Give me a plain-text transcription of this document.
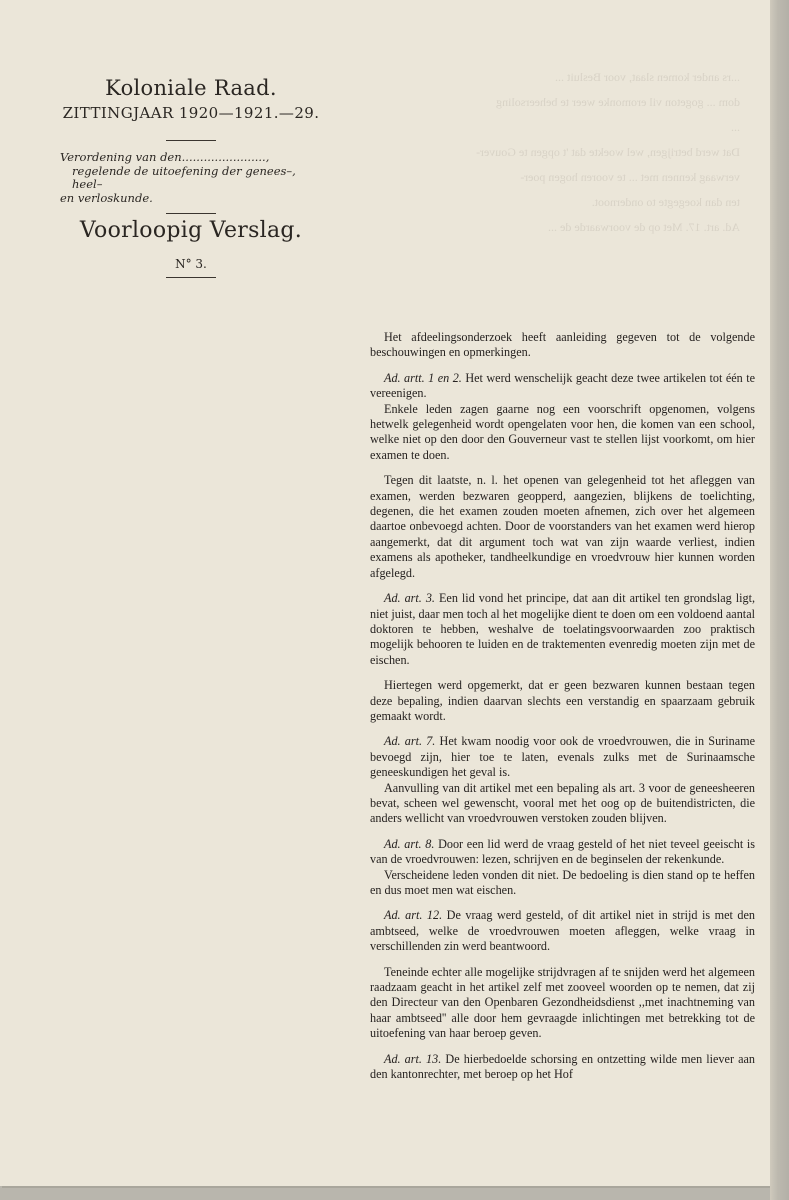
...rs ander komen slaat, voor Besluit ...
dom ... gogeton vil eromonke weer te beheersoling
...
Dat werd betrijgen, wel woekte dat 't opgen te Gouver-
verwaag kennen met ... te vooren hogen poer-
ten dan koegegte to ondernoot.
Ad. art. 17. Met op de voorwaarde de ...
Koloniale Raad.
ZITTINGJAAR 1920—1921.—29.
Verordening van den.......................,
regelende de uitoefening der genees–, heel–
en verloskunde.
Voorloopig Verslag.
N° 3.

Het afdeelingsonderzoek heeft aanleiding gegeven tot de volgende beschouwingen en opmerkingen.

Ad. artt. 1 en 2. Het werd wenschelijk geacht deze twee artikelen tot één te vereenigen.

Enkele leden zagen gaarne nog een voorschrift opgenomen, volgens hetwelk gelegenheid wordt opengelaten voor hen, die komen van een school, welke niet op den door den Gouverneur vast te stellen lijst voorkomt, om hier examen te doen.

Tegen dit laatste, n. l. het openen van gelegenheid tot het afleggen van examen, werden bezwaren geopperd, aangezien, blijkens de toelichting, degenen, die het examen zouden moeten afnemen, zich over het algemeen daartoe onbevoegd achten. Door de voorstanders van het examen werd hierop aangemerkt, dat dit argument toch wat van zijn waarde verliest, indien examens als apotheker, tandheelkundige en vroedvrouw hier kunnen worden afgelegd.

Ad. art. 3. Een lid vond het principe, dat aan dit artikel ten grondslag ligt, niet juist, daar men toch al het mogelijke dient te doen om een voldoend aantal doktoren te hebben, weshalve de toelatingsvoorwaarden zoo praktisch mogelijk behooren te luiden en de traktementen evenredig moeten zijn met de eischen.

Hiertegen werd opgemerkt, dat er geen bezwaren kunnen bestaan tegen deze bepaling, indien daarvan slechts een verstandig en spaarzaam gebruik gemaakt wordt.

Ad. art. 7. Het kwam noodig voor ook de vroedvrouwen, die in Suriname bevoegd zijn, hier toe te laten, evenals zulks met de Surinaamsche geneeskundigen het geval is.

Aanvulling van dit artikel met een bepaling als art. 3 voor de geneesheeren bevat, scheen wel gewenscht, vooral met het oog op de buitendistricten, die anders wellicht van vroedvrouwen verstoken zouden blijven.

Ad. art. 8. Door een lid werd de vraag gesteld of het niet teveel geeischt is van de vroedvrouwen: lezen, schrijven en de beginselen der rekenkunde.

Verscheidene leden vonden dit niet. De bedoeling is dien stand op te heffen en dus moet men wat eischen.

Ad. art. 12. De vraag werd gesteld, of dit artikel niet in strijd is met den ambtseed, welke de vroedvrouwen moeten afleggen, welke vraag in verschillenden zin werd beantwoord.

Teneinde echter alle mogelijke strijdvragen af te snijden werd het algemeen raadzaam geacht in het artikel zelf met zooveel woorden op te nemen, dat zij den Directeur van den Openbaren Gezondheidsdienst ,,met inachtneming van haar ambtseed'' alle door hem gevraagde inlichtingen met betrekking tot de uitoefening van haar beroep geven.

Ad. art. 13. De hierbedoelde schorsing en ontzetting wilde men liever aan den kantonrechter, met beroep op het Hof
